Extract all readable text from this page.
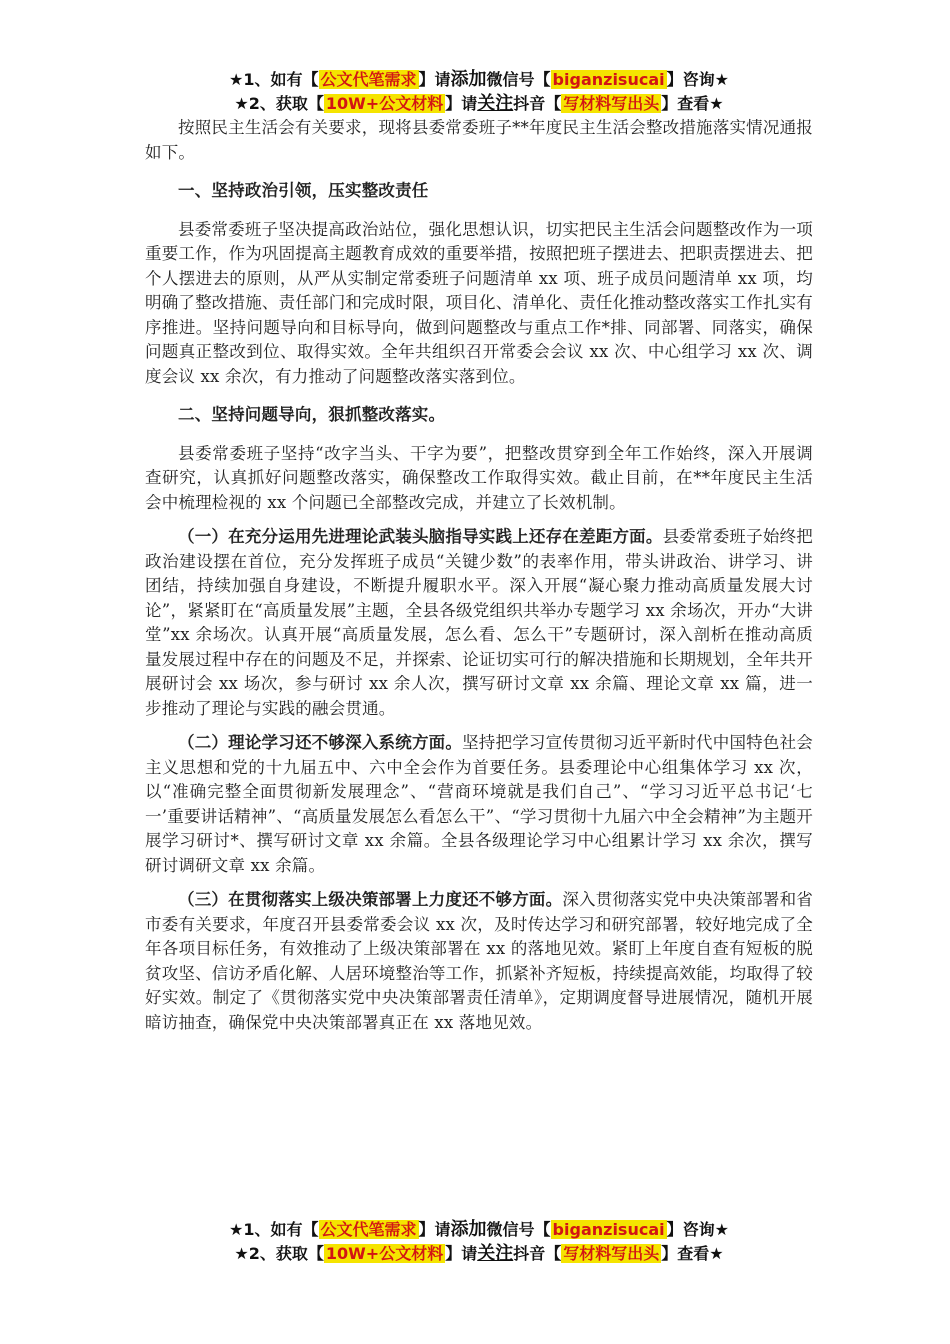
★1、如有【 公文代笔需求 】请添加微信号【 biganzisucai 】咨询★
★2、获取【 10W+公文材料 】请关注抖音【 写材料写出头 】查看★

按照民主生活会有关要求，现将县委常委班子**年度民主生活会整改措施落实情况通报如下。

一、坚持政治引领，压实整改责任

县委常委班子坚决提高政治站位，强化思想认识，切实把民主生活会问题整改作为一项重要工作，作为巩固提高主题教育成效的重要举措，按照把班子摆进去、把职责摆进去、把个人摆进去的原则，从严从实制定常委班子问题清单 xx 项、班子成员问题清单 xx 项，均明确了整改措施、责任部门和完成时限，项目化、清单化、责任化推动整改落实工作扎实有序推进。坚持问题导向和目标导向，做到问题整改与重点工作*排、同部署、同落实，确保问题真正整改到位、取得实效。全年共组织召开常委会会议 xx 次、中心组学习 xx 次、调度会议 xx 余次，有力推动了问题整改落实落到位。

二、坚持问题导向，狠抓整改落实。

县委常委班子坚持“改字当头、干字为要”，把整改贯穿到全年工作始终，深入开展调查研究，认真抓好问题整改落实，确保整改工作取得实效。截止目前，在**年度民主生活会中梳理检视的 xx 个问题已全部整改完成，并建立了长效机制。

（一）在充分运用先进理论武装头脑指导实践上还存在差距方面。县委常委班子始终把政治建设摆在首位，充分发挥班子成员“关键少数”的表率作用，带头讲政治、讲学习、讲团结，持续加强自身建设，不断提升履职水平。深入开展“凝心聚力推动高质量发展大讨论”，紧紧盯在“高质量发展”主题，全县各级党组织共举办专题学习 xx 余场次，开办“大讲堂”xx 余场次。认真开展“高质量发展，怎么看、怎么干”专题研讨，深入剖析在推动高质量发展过程中存在的问题及不足，并探索、论证切实可行的解决措施和长期规划，全年共开展研讨会 xx 场次，参与研讨 xx 余人次，撰写研讨文章 xx 余篇、理论文章 xx 篇，进一步推动了理论与实践的融会贯通。

（二）理论学习还不够深入系统方面。坚持把学习宣传贯彻习近平新时代中国特色社会主义思想和党的十九届五中、六中全会作为首要任务。县委理论中心组集体学习 xx 次，以“准确完整全面贯彻新发展理念”、“营商环境就是我们自己”、“学习习近平总书记‘七一’重要讲话精神”、“高质量发展怎么看怎么干”、“学习贯彻十九届六中全会精神”为主题开展学习研讨*、撰写研讨文章 xx 余篇。全县各级理论学习中心组累计学习 xx 余次，撰写研讨调研文章 xx 余篇。

（三）在贯彻落实上级决策部署上力度还不够方面。深入贯彻落实党中央决策部署和省市委有关要求，年度召开县委常委会议 xx 次，及时传达学习和研究部署，较好地完成了全年各项目标任务，有效推动了上级决策部署在 xx 的落地见效。紧盯上年度自查有短板的脱贫攻坚、信访矛盾化解、人居环境整治等工作，抓紧补齐短板，持续提高效能，均取得了较好实效。制定了《贯彻落实党中央决策部署责任清单》，定期调度督导进展情况，随机开展暗访抽查，确保党中央决策部署真正在 xx 落地见效。

★1、如有【 公文代笔需求 】请添加微信号【 biganzisucai 】咨询★
★2、获取【 10W+公文材料 】请关注抖音【 写材料写出头 】查看★
